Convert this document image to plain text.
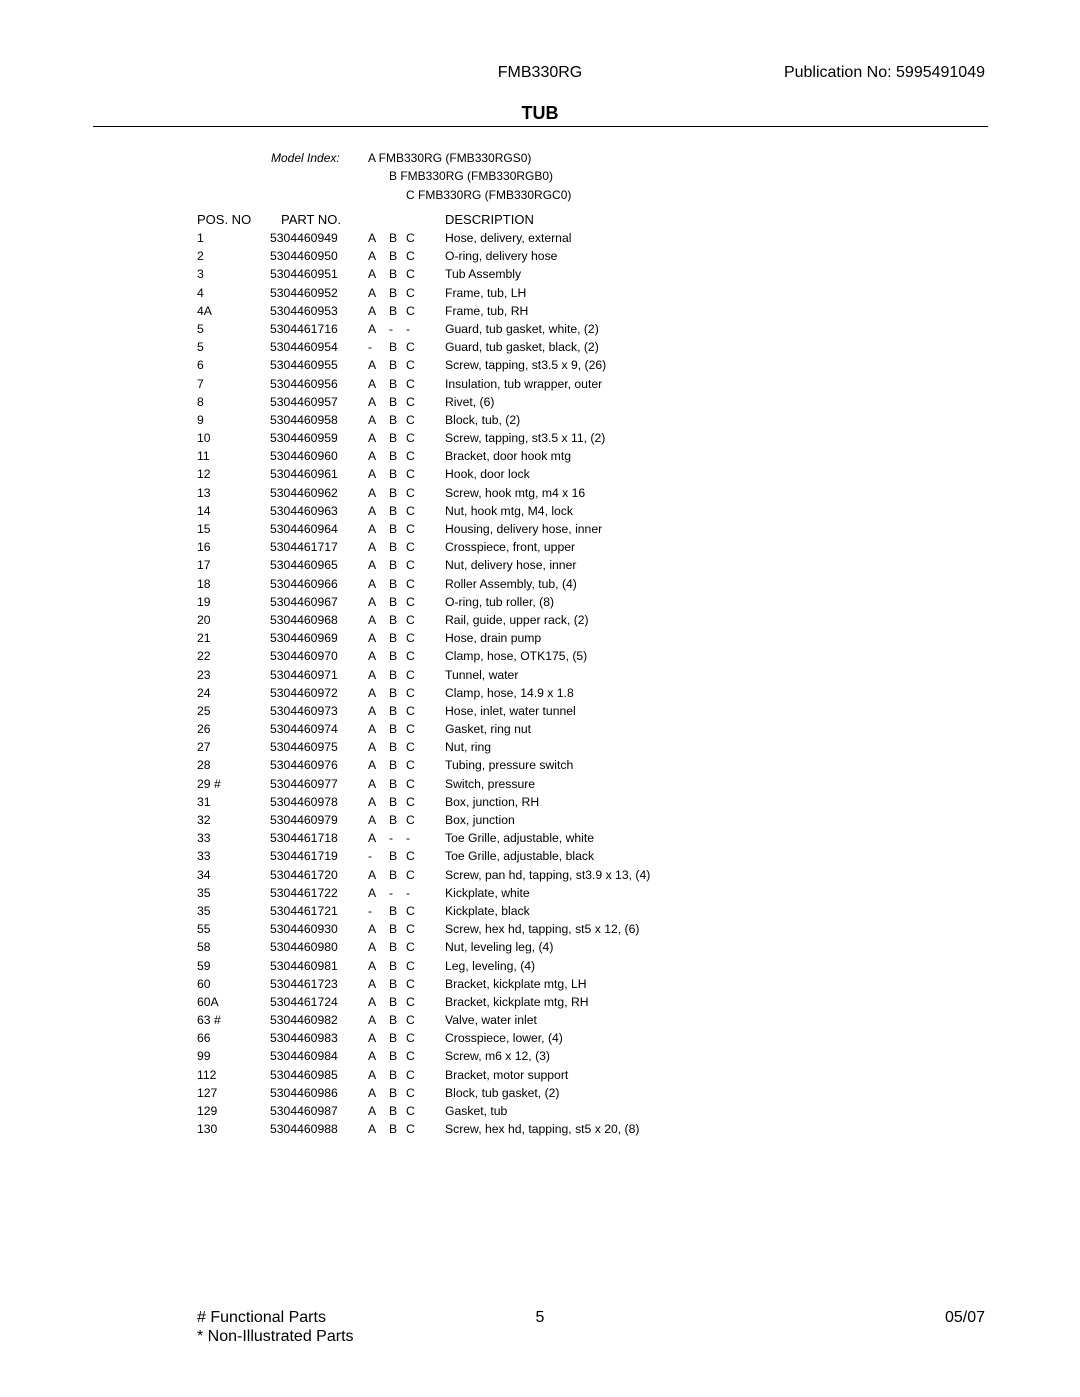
FMB330RG	Publication No: 5995491049
TUB
Model Index: A FMB330RG (FMB330RGS0)
B FMB330RG (FMB330RGB0)
C FMB330RG (FMB330RGC0)
POS. NO PART NO.	DESCRIPTION
1	5304460949 A B C Hose, delivery, external
2	5304460950 A B C O-ring, delivery hose
3	5304460951 A B C Tub Assembly
4	5304460952 A B C Frame, tub, LH
4A	5304460953 A B C Frame, tub, RH
5	5304461716 A - -	Guard, tub gasket, white, (2)
5	5304460954 - B C Guard, tub gasket, black, (2)
6	5304460955 A B C Screw, tapping, st3.5 x 9, (26)
7	5304460956 A B C Insulation, tub wrapper, outer
8	5304460957 A B C Rivet, (6)
9	5304460958 A B C Block, tub, (2)
10	5304460959 A B C Screw, tapping, st3.5 x 11, (2)
11	5304460960 A B C Bracket, door hook mtg
12	5304460961 A B C Hook, door lock
13	5304460962 A B C Screw, hook mtg, m4 x 16
14	5304460963 A B C Nut, hook mtg, M4, lock
15	5304460964 A B C Housing, delivery hose, inner
16	5304461717 A B C Crosspiece, front, upper
17	5304460965 A B C Nut, delivery hose, inner
18	5304460966 A B C Roller Assembly, tub, (4)
19	5304460967 A B C O-ring, tub roller, (8)
20	5304460968 A B C Rail, guide, upper rack, (2)
21	5304460969 A B C Hose, drain pump
22	5304460970 A B C Clamp, hose, OTK175, (5)
23	5304460971 A B C Tunnel, water
24	5304460972 A B C Clamp, hose, 14.9 x 1.8
25	5304460973 A B C Hose, inlet, water tunnel
26	5304460974 A B C Gasket, ring nut
27	5304460975 A B C Nut, ring
28	5304460976 A B C Tubing, pressure switch
29 #	5304460977 A B C Switch, pressure
31	5304460978 A B C Box, junction, RH
32	5304460979 A B C Box, junction
33	5304461718 A - -	Toe Grille, adjustable, white
33	5304461719 - B C Toe Grille, adjustable, black
34	5304461720 A B C Screw, pan hd, tapping, st3.9 x 13, (4)
35	5304461722 A - -	Kickplate, white
35	5304461721 - B C Kickplate, black
55	5304460930 A B C Screw, hex hd, tapping, st5 x 12, (6)
58	5304460980 A B C Nut, leveling leg, (4)
59	5304460981 A B C Leg, leveling, (4)
60	5304461723 A B C Bracket, kickplate mtg, LH
60A	5304461724 A B C Bracket, kickplate mtg, RH
63 #	5304460982 A B C Valve, water inlet
66	5304460983 A B C Crosspiece, lower, (4)
99	5304460984 A B C Screw, m6 x 12, (3)
112	5304460985 A B C Bracket, motor support
127	5304460986 A B C Block, tub gasket, (2)
129	5304460987 A B C Gasket, tub
130	5304460988 A B C Screw, hex hd, tapping, st5 x 20, (8)
# Functional Parts
* Non-Illustrated Parts
5	05/07
